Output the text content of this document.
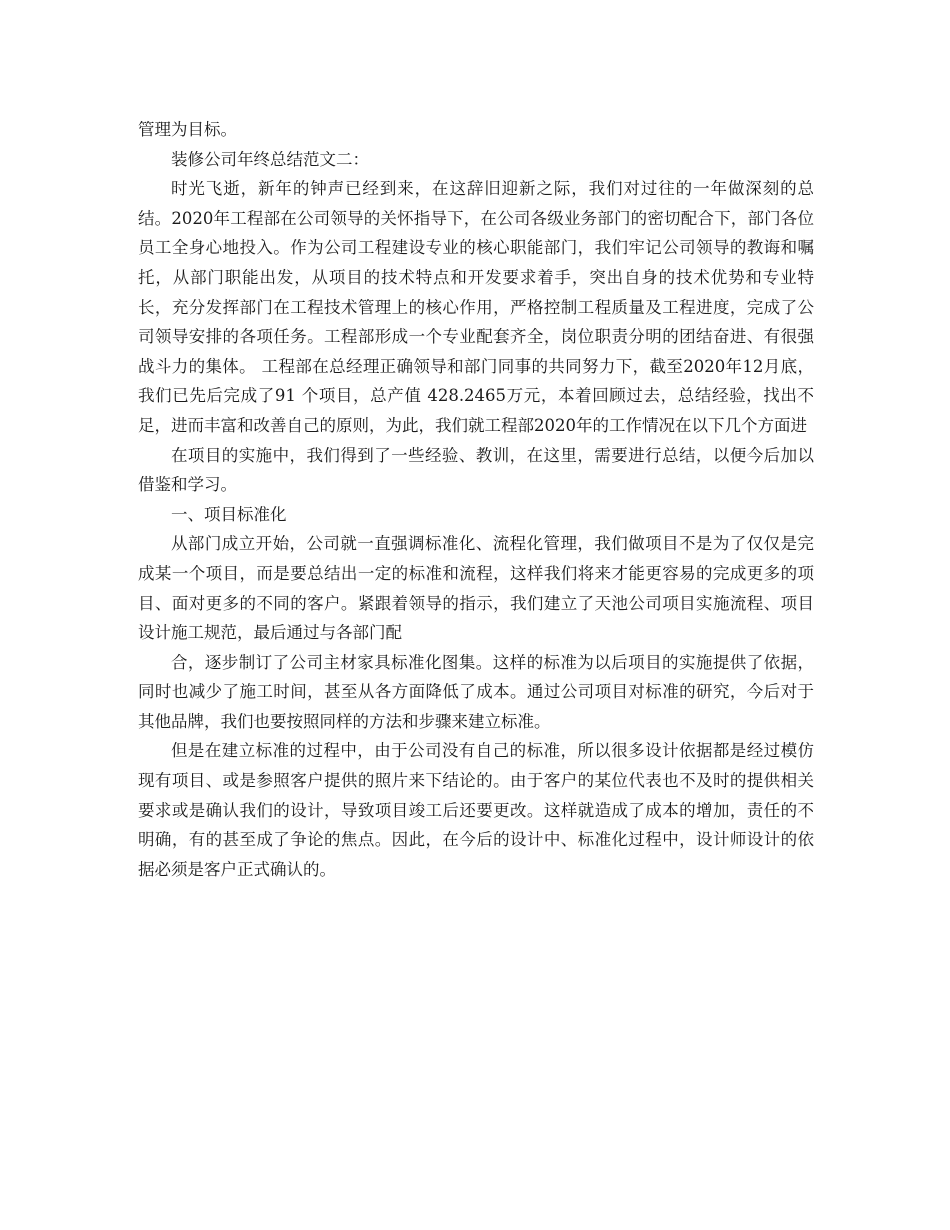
管理为目标。

装修公司年终总结范文二：

时光飞逝，新年的钟声已经到来，在这辞旧迎新之际，我们对过往的一年做深刻的总结。2020年工程部在公司领导的关怀指导下，在公司各级业务部门的密切配合下，部门各位员工全身心地投入。作为公司工程建设专业的核心职能部门，我们牢记公司领导的教诲和嘱托，从部门职能出发，从项目的技术特点和开发要求着手，突出自身的技术优势和专业特长，充分发挥部门在工程技术管理上的核心作用，严格控制工程质量及工程进度，完成了公司领导安排的各项任务。工程部形成一个专业配套齐全，岗位职责分明的团结奋进、有很强战斗力的集体。 工程部在总经理正确领导和部门同事的共同努力下，截至2020年12月底，我们已先后完成了91 个项目，总产值 428.2465万元，本着回顾过去，总结经验，找出不足，进而丰富和改善自己的原则，为此，我们就工程部2020年的工作情况在以下几个方面进

在项目的实施中，我们得到了一些经验、教训，在这里，需要进行总结，以便今后加以借鉴和学习。

一、项目标准化

从部门成立开始，公司就一直强调标准化、流程化管理，我们做项目不是为了仅仅是完成某一个项目，而是要总结出一定的标准和流程，这样我们将来才能更容易的完成更多的项目、面对更多的不同的客户。紧跟着领导的指示，我们建立了天池公司项目实施流程、项目设计施工规范，最后通过与各部门配

合，逐步制订了公司主材家具标准化图集。这样的标准为以后项目的实施提供了依据，同时也减少了施工时间，甚至从各方面降低了成本。通过公司项目对标准的研究，今后对于其他品牌，我们也要按照同样的方法和步骤来建立标准。

但是在建立标准的过程中，由于公司没有自己的标准，所以很多设计依据都是经过模仿现有项目、或是参照客户提供的照片来下结论的。由于客户的某位代表也不及时的提供相关要求或是确认我们的设计，导致项目竣工后还要更改。这样就造成了成本的增加，责任的不明确，有的甚至成了争论的焦点。因此，在今后的设计中、标准化过程中，设计师设计的依据必须是客户正式确认的。
